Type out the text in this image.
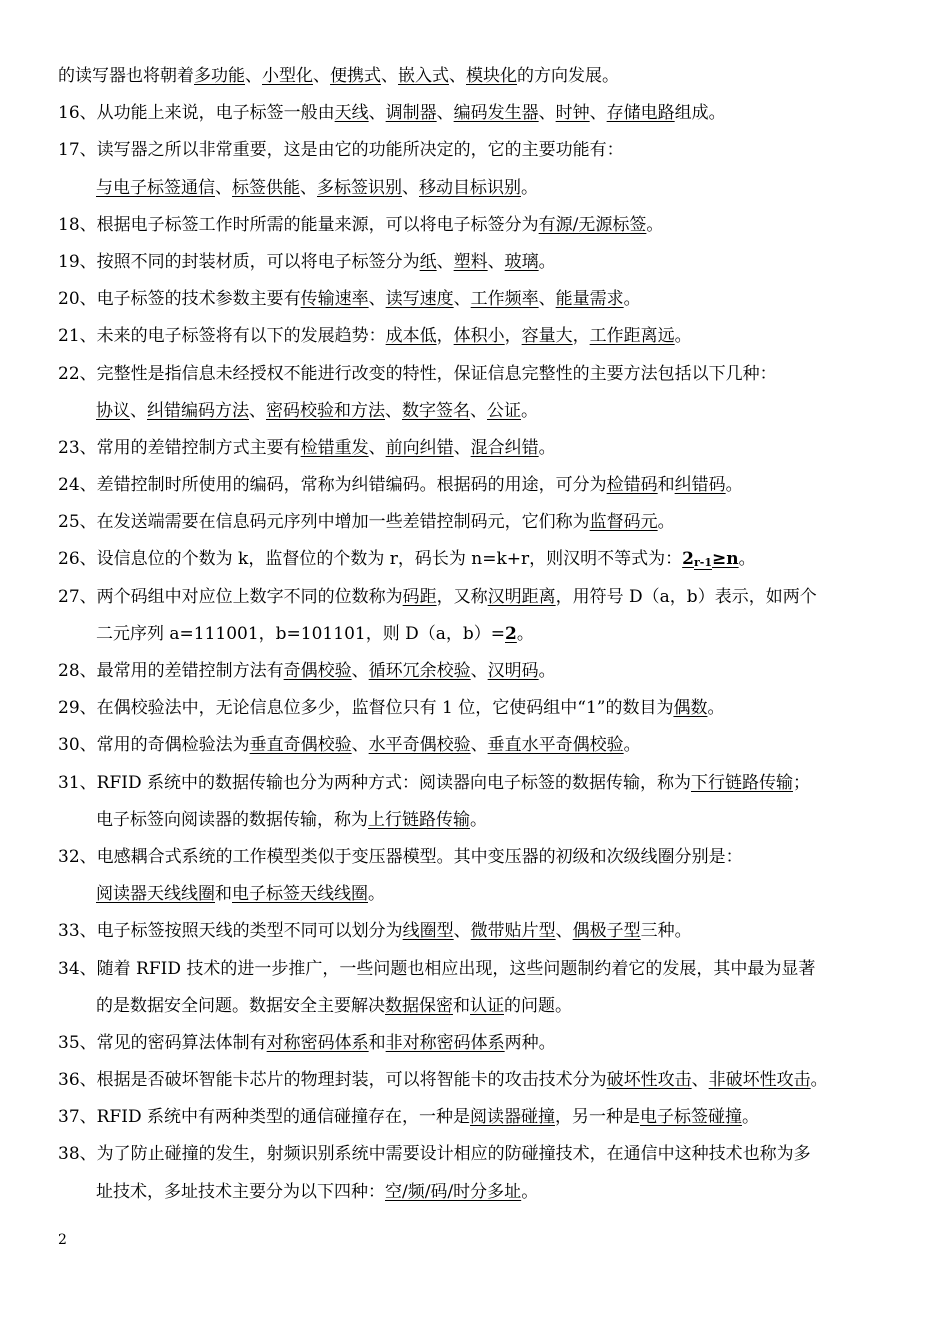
的读写器也将朝着多功能、小型化、便携式、嵌入式、模块化的方向发展。
16、从功能上来说，电子标签一般由天线、调制器、编码发生器、时钟、存储电路组成。
17、读写器之所以非常重要，这是由它的功能所决定的，它的主要功能有：
与电子标签通信、标签供能、多标签识别、移动目标识别。
18、根据电子标签工作时所需的能量来源，可以将电子标签分为有源/无源标签。
19、按照不同的封装材质，可以将电子标签分为纸、塑料、玻璃。
20、电子标签的技术参数主要有传输速率、读写速度、工作频率、能量需求。
21、未来的电子标签将有以下的发展趋势：成本低，体积小，容量大，工作距离远。
22、完整性是指信息未经授权不能进行改变的特性，保证信息完整性的主要方法包括以下几种：
协议、纠错编码方法、密码校验和方法、数字签名、公证。
23、常用的差错控制方式主要有检错重发、前向纠错、混合纠错。
24、差错控制时所使用的编码，常称为纠错编码。根据码的用途，可分为检错码和纠错码。
25、在发送端需要在信息码元序列中增加一些差错控制码元，它们称为监督码元。
26、设信息位的个数为 k，监督位的个数为 r，码长为 n=k+r，则汉明不等式为：2r-1≥n。
27、两个码组中对应位上数字不同的位数称为码距，又称汉明距离，用符号 D（a，b）表示，如两个
二元序列 a=111001，b=101101，则 D（a，b）=2。
28、最常用的差错控制方法有奇偶校验、循环冗余校验、汉明码。
29、在偶校验法中，无论信息位多少，监督位只有 1 位，它使码组中“1”的数目为偶数。
30、常用的奇偶检验法为垂直奇偶校验、水平奇偶校验、垂直水平奇偶校验。
31、RFID 系统中的数据传输也分为两种方式：阅读器向电子标签的数据传输，称为下行链路传输；
电子标签向阅读器的数据传输，称为上行链路传输。
32、电感耦合式系统的工作模型类似于变压器模型。其中变压器的初级和次级线圈分别是：
阅读器天线线圈和电子标签天线线圈。
33、电子标签按照天线的类型不同可以划分为线圈型、微带贴片型、偶极子型三种。
34、随着 RFID 技术的进一步推广，一些问题也相应出现，这些问题制约着它的发展，其中最为显著
的是数据安全问题。数据安全主要解决数据保密和认证的问题。
35、常见的密码算法体制有对称密码体系和非对称密码体系两种。
36、根据是否破坏智能卡芯片的物理封装，可以将智能卡的攻击技术分为破坏性攻击、非破坏性攻击。
37、RFID 系统中有两种类型的通信碰撞存在，一种是阅读器碰撞，另一种是电子标签碰撞。
38、为了防止碰撞的发生，射频识别系统中需要设计相应的防碰撞技术，在通信中这种技术也称为多
址技术，多址技术主要分为以下四种：空/频/码/时分多址。
2
